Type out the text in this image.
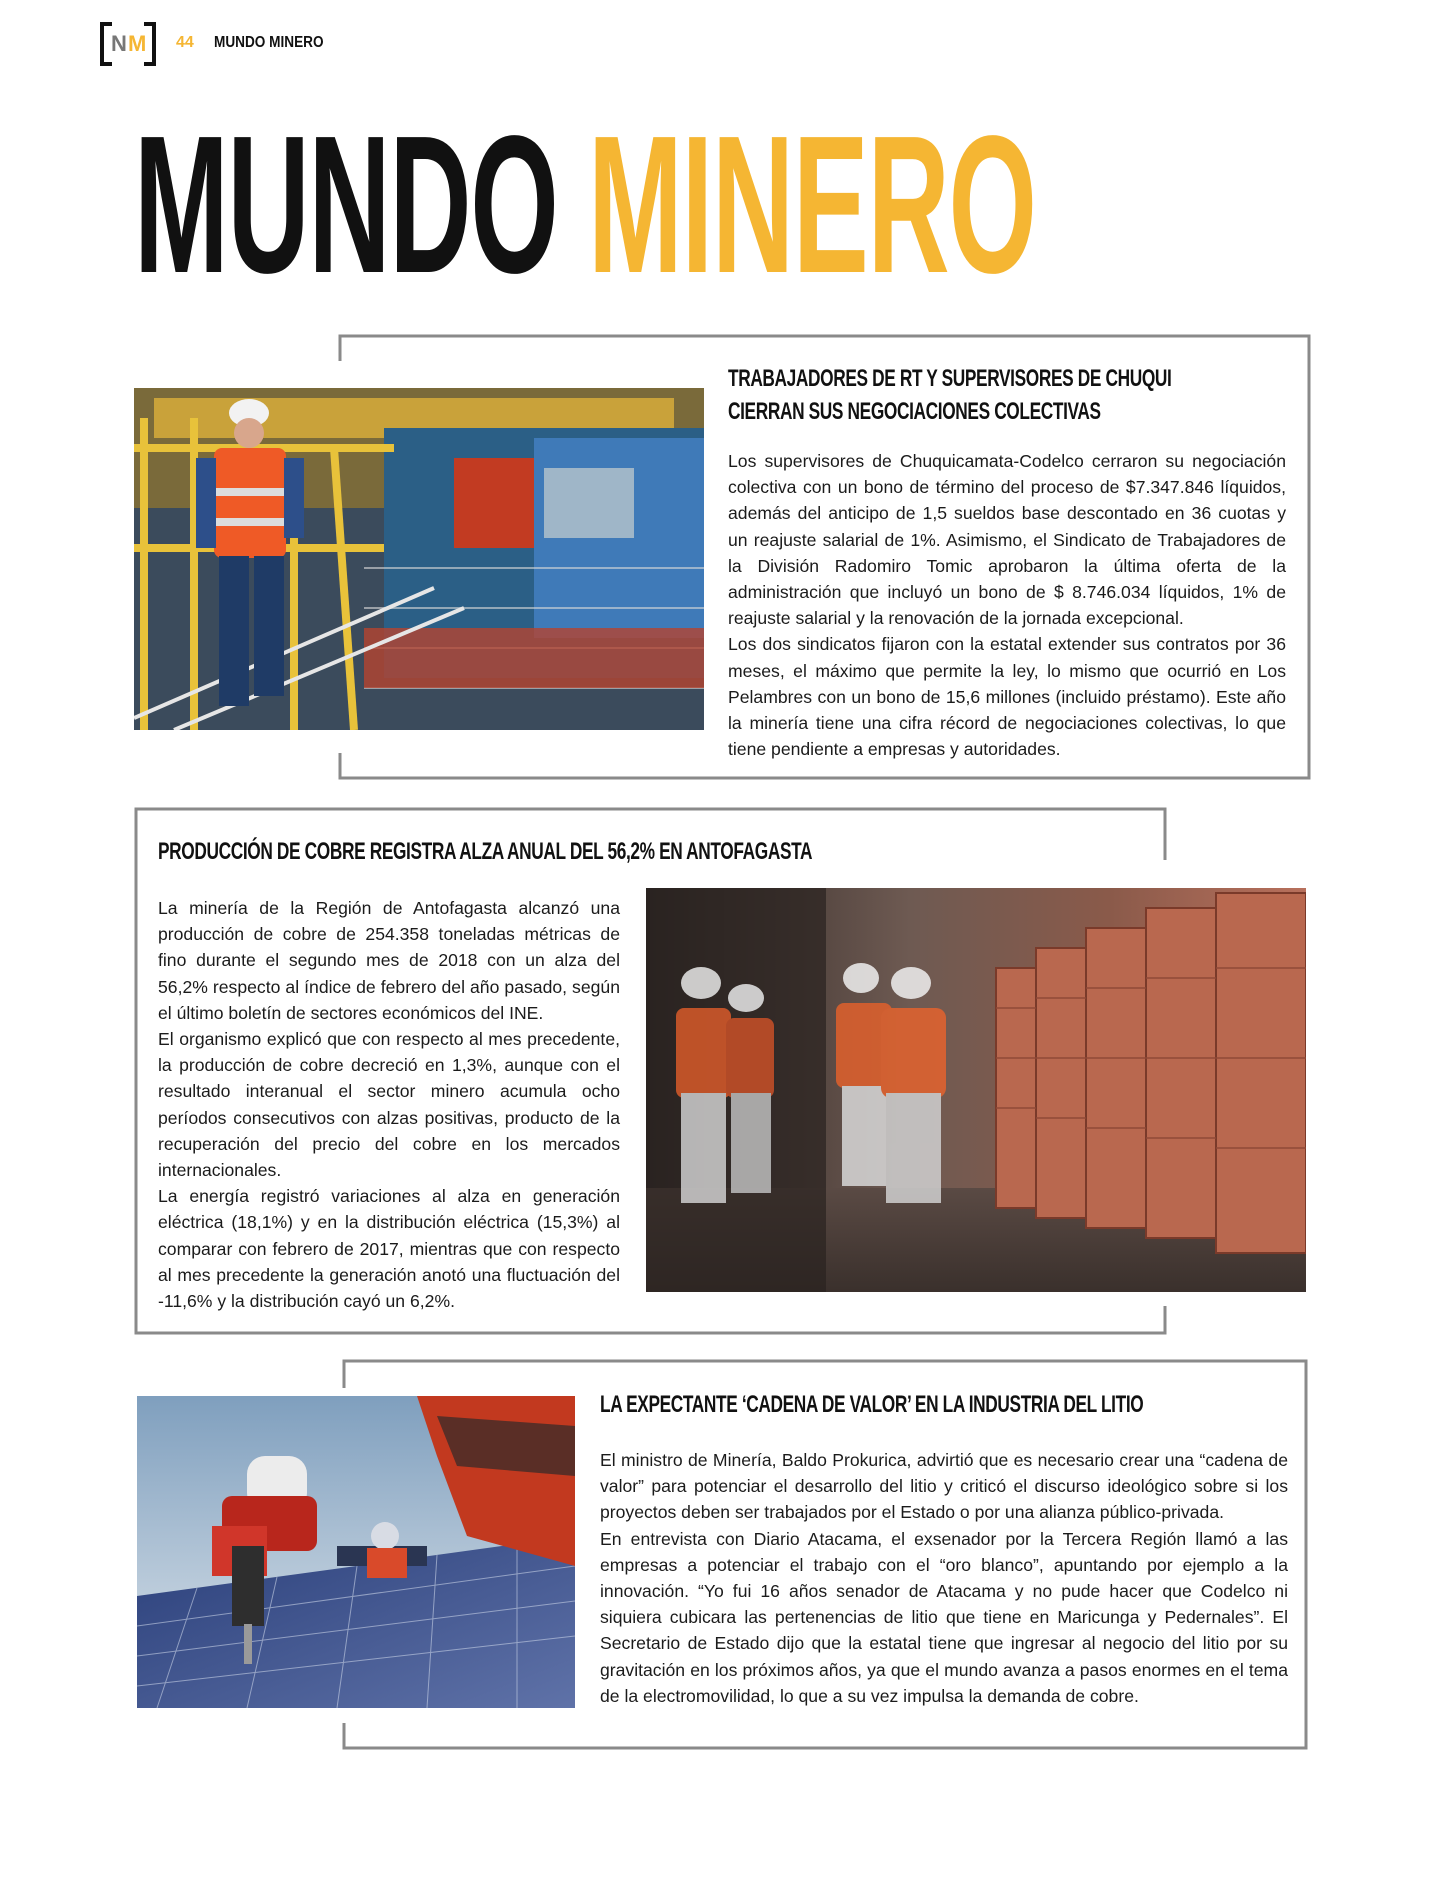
N M 44 MUNDO MINERO
MUNDO MINERO
TRABAJADORES DE RT Y SUPERVISORES DE CHUQUI
CIERRAN SUS NEGOCIACIONES COLECTIVAS

Los supervisores de Chuquicamata-Codelco cerraron su negociación colectiva con un bono de término del proceso de $7.347.846 líquidos, además del anticipo de 1,5 sueldos base descontado en 36 cuotas y un reajuste salarial de 1%. Asimismo, el Sindicato de Trabajadores de la División Radomiro Tomic aprobaron la última oferta de la administración que incluyó un bono de $ 8.746.034 líquidos, 1% de reajuste salarial y la renovación de la jornada excepcional.

Los dos sindicatos fijaron con la estatal extender sus contratos por 36 meses, el máximo que permite la ley, lo mismo que ocurrió en Los Pelambres con un bono de 15,6 millones (incluido préstamo). Este año la minería tiene una cifra récord de negociaciones colectivas, lo que tiene pendiente a empresas y autoridades.

PRODUCCIÓN DE COBRE REGISTRA ALZA ANUAL DEL 56,2% EN ANTOFAGASTA

La minería de la Región de Antofagasta alcanzó una producción de cobre de 254.358 toneladas métricas de fino durante el segundo mes de 2018 con un alza del 56,2% respecto al índice de febrero del año pasado, según el último boletín de sectores económicos del INE.

El organismo explicó que con respecto al mes precedente, la producción de cobre decreció en 1,3%, aunque con el resultado interanual el sector minero acumula ocho períodos consecutivos con alzas positivas, producto de la recuperación del precio del cobre en los mercados internacionales.

La energía registró variaciones al alza en generación eléctrica (18,1%) y en la distribución eléctrica (15,3%) al comparar con febrero de 2017, mientras que con respecto al mes precedente la generación anotó una fluctuación del -11,6% y la distribución cayó un 6,2%.

LA EXPECTANTE ‘CADENA DE VALOR’ EN LA INDUSTRIA DEL LITIO

El ministro de Minería, Baldo Prokurica, advirtió que es necesario crear una “cadena de valor” para potenciar el desarrollo del litio y criticó el discurso ideológico sobre si los proyectos deben ser trabajados por el Estado o por una alianza público-privada.

En entrevista con Diario Atacama, el exsenador por la Tercera Región llamó a las empresas a potenciar el trabajo con el “oro blanco”, apuntando por ejemplo a la innovación. “Yo fui 16 años senador de Atacama y no pude hacer que Codelco ni siquiera cubicara las pertenencias de litio que tiene en Maricunga y Pedernales”. El Secretario de Estado dijo que la estatal tiene que ingresar al negocio del litio por su gravitación en los próximos años, ya que el mundo avanza a pasos enormes en el tema de la electromovilidad, lo que a su vez impulsa la demanda de cobre.
